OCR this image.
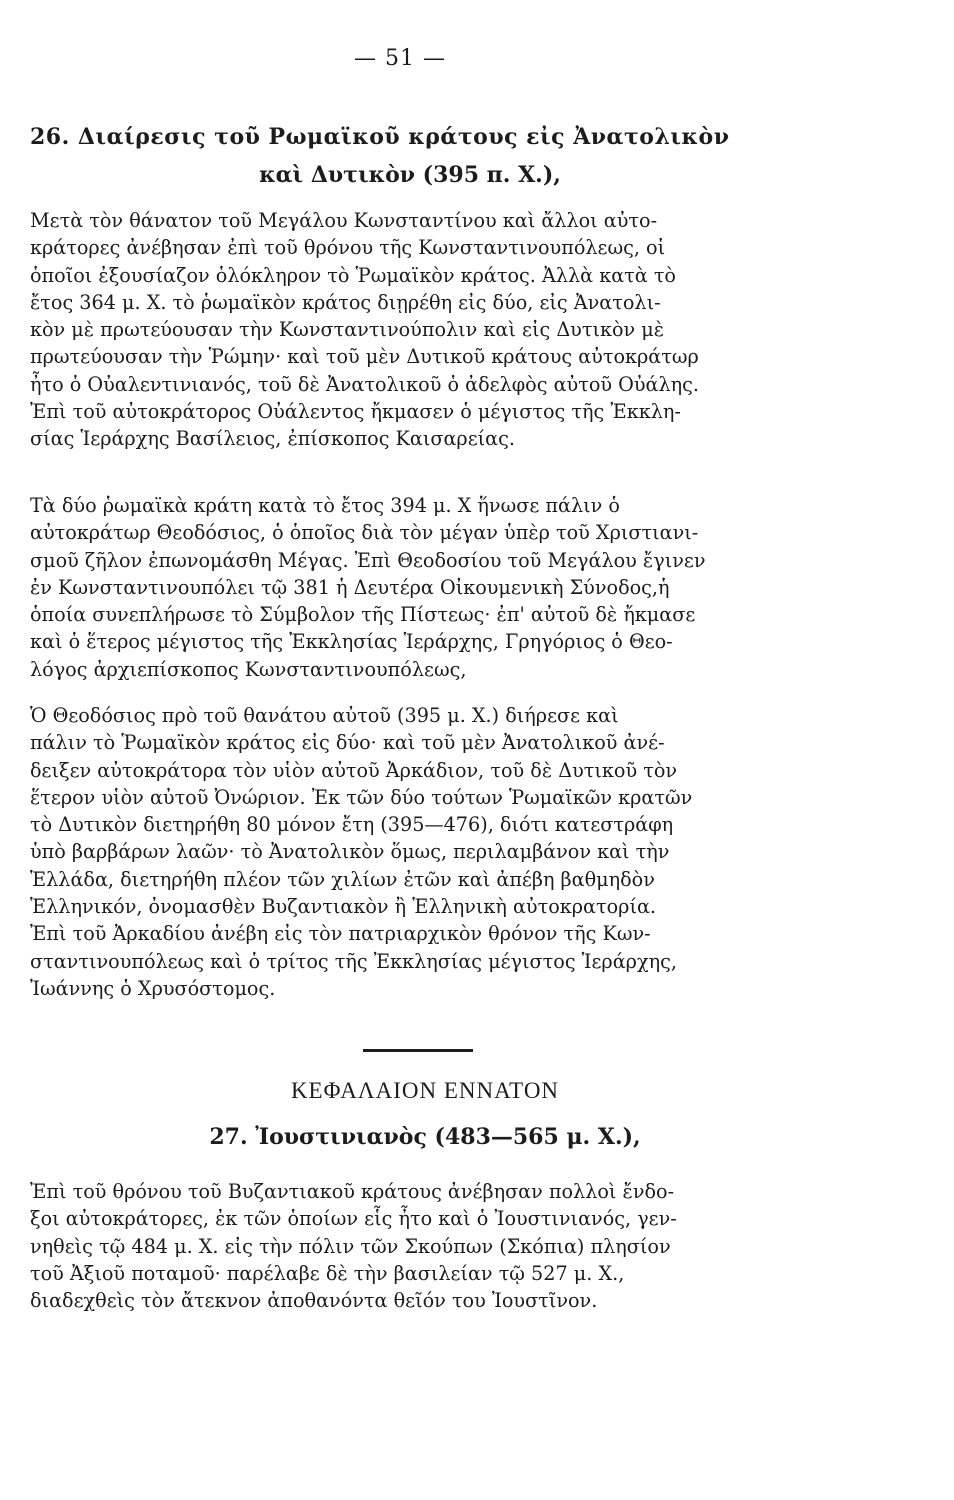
— 51 —
26. Διαίρεσις τοῦ Ρωμαϊκοῦ κράτους εἰς Ἀνατολικὸν
καὶ Δυτικὸν (395 π. Χ.),
Μετὰ τὸν θάνατον τοῦ Μεγάλου Κωνσταντίνου καὶ ἄλλοι αὐτο-
κράτορες ἀνέβησαν ἐπὶ τοῦ θρόνου τῆς Κωνσταντινουπόλεως, οἱ
ὁποῖοι ἐξουσίαζον ὁλόκληρον τὸ Ῥωμαϊκὸν κράτος. Ἀλλὰ κατὰ τὸ
ἔτος 364 μ. Χ. τὸ ῥωμαϊκὸν κράτος διῃρέθη εἰς δύο, εἰς Ἀνατολι-
κὸν μὲ πρωτεύουσαν τὴν Κωνσταντινούπολιν καὶ εἰς Δυτικὸν μὲ
πρωτεύουσαν τὴν Ῥώμην· καὶ τοῦ μὲν Δυτικοῦ κράτους αὐτοκράτωρ
ἦτο ὁ Οὐαλεντινιανός, τοῦ δὲ Ἀνατολικοῦ ὁ ἀδελφὸς αὐτοῦ Οὐάλης.
Ἐπὶ τοῦ αὐτοκράτορος Οὐάλεντος ἤκμασεν ὁ μέγιστος τῆς Ἐκκλη-
σίας Ἱεράρχης Βασίλειος, ἐπίσκοπος Καισαρείας.
Τὰ δύο ῥωμαϊκὰ κράτη κατὰ τὸ ἔτος 394 μ. Χ ἥνωσε πάλιν ὁ
αὐτοκράτωρ Θεοδόσιος, ὁ ὁποῖος διὰ τὸν μέγαν ὑπὲρ τοῦ Χριστιανι-
σμοῦ ζῆλον ἐπωνομάσθη Μέγας. Ἐπὶ Θεοδοσίου τοῦ Μεγάλου ἔγινεν
ἐν Κωνσταντινουπόλει τῷ 381 ἡ Δευτέρα Οἰκουμενικὴ Σύνοδος,ἡ
ὁποία συνεπλήρωσε τὸ Σύμβολον τῆς Πίστεως· ἐπ' αὐτοῦ δὲ ἤκμασε
καὶ ὁ ἕτερος μέγιστος τῆς Ἐκκλησίας Ἱεράρχης, Γρηγόριος ὁ Θεο-
λόγος ἀρχιεπίσκοπος Κωνσταντινουπόλεως,
Ὁ Θεοδόσιος πρὸ τοῦ θανάτου αὐτοῦ (395 μ. Χ.) διήρεσε καὶ
πάλιν τὸ Ῥωμαϊκὸν κράτος εἰς δύο· καὶ τοῦ μὲν Ἀνατολικοῦ ἀνέ-
δειξεν αὐτοκράτορα τὸν υἱὸν αὐτοῦ Ἀρκάδιον, τοῦ δὲ Δυτικοῦ τὸν
ἕτερον υἱὸν αὐτοῦ Ὀνώριον. Ἐκ τῶν δύο τούτων Ῥωμαϊκῶν κρατῶν
τὸ Δυτικὸν διετηρήθη 80 μόνον ἔτη (395—476), διότι κατεστράφη
ὑπὸ βαρβάρων λαῶν· τὸ Ἀνατολικὸν ὅμως, περιλαμβάνον καὶ τὴν
Ἑλλάδα, διετηρήθη πλέον τῶν χιλίων ἐτῶν καὶ ἀπέβη βαθμηδὸν
Ἑλληνικόν, ὀνομασθὲν Βυζαντιακὸν ἢ Ἑλληνικὴ αὐτοκρατορία.
Ἐπὶ τοῦ Ἀρκαδίου ἀνέβη εἰς τὸν πατριαρχικὸν θρόνον τῆς Κων-
σταντινουπόλεως καὶ ὁ τρίτος τῆς Ἐκκλησίας μέγιστος Ἱεράρχης,
Ἰωάννης ὁ Χρυσόστομος.
ΚΕΦΑΛΑΙΟΝ ΕΝΝΑΤΟΝ
27. Ἰουστινιανὸς (483—565 μ. Χ.),
Ἐπὶ τοῦ θρόνου τοῦ Βυζαντιακοῦ κράτους ἀνέβησαν πολλοὶ ἔνδο-
ξοι αὐτοκράτορες, ἐκ τῶν ὁποίων εἷς ἦτο καὶ ὁ Ἰουστινιανός, γεν-
νηθεὶς τῷ 484 μ. Χ. εἰς τὴν πόλιν τῶν Σκούπων (Σκόπια) πλησίον
τοῦ Ἀξιοῦ ποταμοῦ· παρέλαβε δὲ τὴν βασιλείαν τῷ 527 μ. Χ.,
διαδεχθεὶς τὸν ἄτεκνον ἀποθανόντα θεῖόν του Ἰουστῖνον.
